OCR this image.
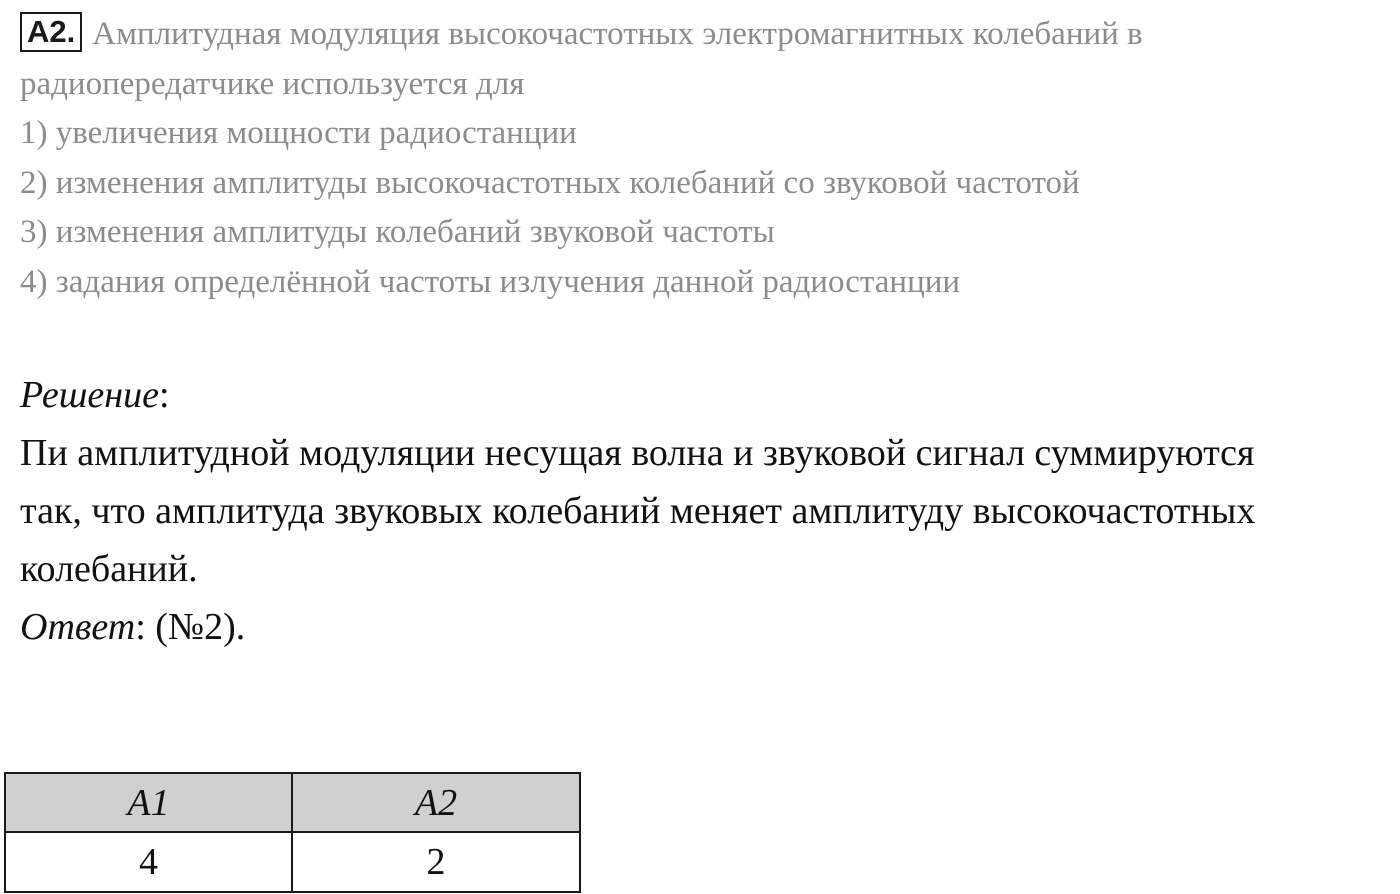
A2. Амплитудная модуляция высокочастотных электромагнитных колебаний в
радиопередатчике используется для
1) увеличения мощности радиостанции
2) изменения амплитуды высокочастотных колебаний со звуковой частотой
3) изменения амплитуды колебаний звуковой частоты
4) задания определённой частоты излучения данной радиостанции
Решение:
Пи амплитудной модуляции несущая волна и звуковой сигнал суммируются
так, что амплитуда звуковых колебаний меняет амплитуду высокочастотных
колебаний.
Ответ: (№2).
A1	A2
4	2
